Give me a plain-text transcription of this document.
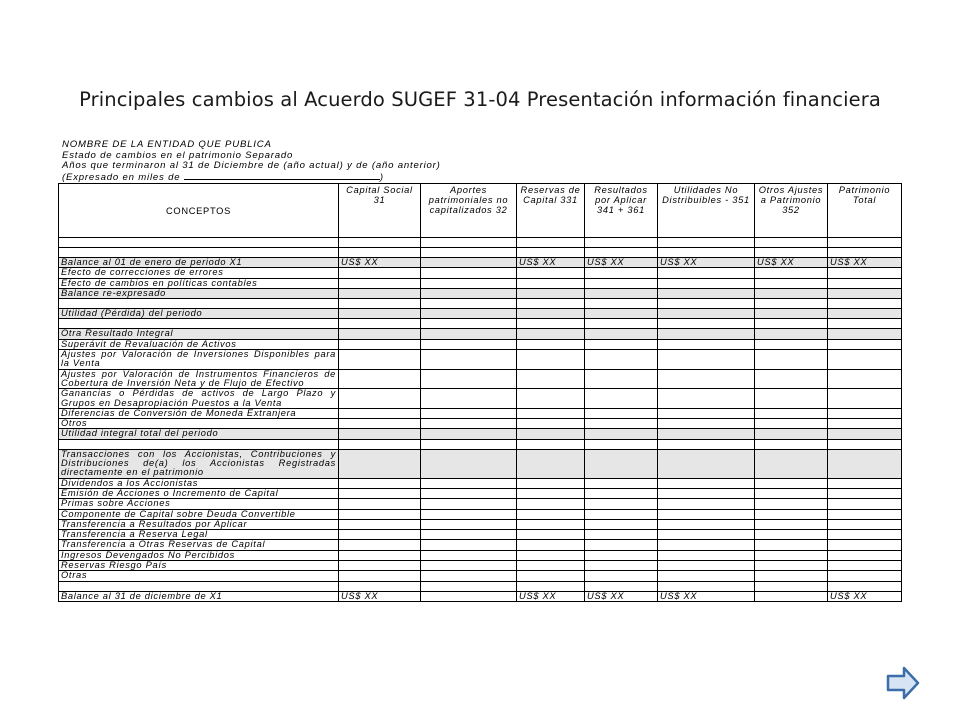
Principales cambios al Acuerdo SUGEF 31-04 Presentación información financiera
NOMBRE DE LA ENTIDAD QUE PUBLICA
Estado de cambios en el patrimonio Separado
Años que terminaron al 31 de Diciembre de (año actual) y de (año anterior)
(Expresado en miles de	)
CONCEPTOS	Capital Social 31	Aportes patrimoniales no capitalizados 32	Reservas de Capital 331	Resultados por Aplicar 341 + 361	Utilidades No Distribuibles - 351	Otros Ajustes a Patrimonio 352	Patrimonio Total

Balance al 01 de enero de periodo X1	US$ XX		US$ XX	US$ XX	US$ XX	US$ XX	US$ XX
Efecto de correcciones de errores							
Efecto de cambios en políticas contables							
Balance re-expresado							

Utilidad (Pérdida) del periodo							

Otra Resultado Integral							
Superávit de Revaluación de Activos							
Ajustes por Valoración de Inversiones Disponibles para la Venta							
Ajustes por Valoración de Instrumentos Financieros de Cobertura de Inversión Neta y de Flujo de Efectivo							
Ganancias o Pérdidas de activos de Largo Plazo y Grupos en Desapropiación Puestos a la Venta							
Diferencias de Conversión de Moneda Extranjera							
Otros							
Utilidad integral total del periodo							

Transacciones con los Accionistas, Contribuciones y Distribuciones de(a) los Accionistas Registradas directamente en el patrimonio							
Dividendos a los Accionistas							
Emisión de Acciones o Incremento de Capital							
Primas sobre Acciones							
Componente de Capital sobre Deuda Convertible							
Transferencia a Resultados por Aplicar							
Transferencia a Reserva Legal							
Transferencia a Otras Reservas de Capital							
Ingresos Devengados No Percibidos							
Reservas Riesgo País							
Otras							

Balance al 31 de diciembre de X1	US$ XX		US$ XX	US$ XX	US$ XX		US$ XX
